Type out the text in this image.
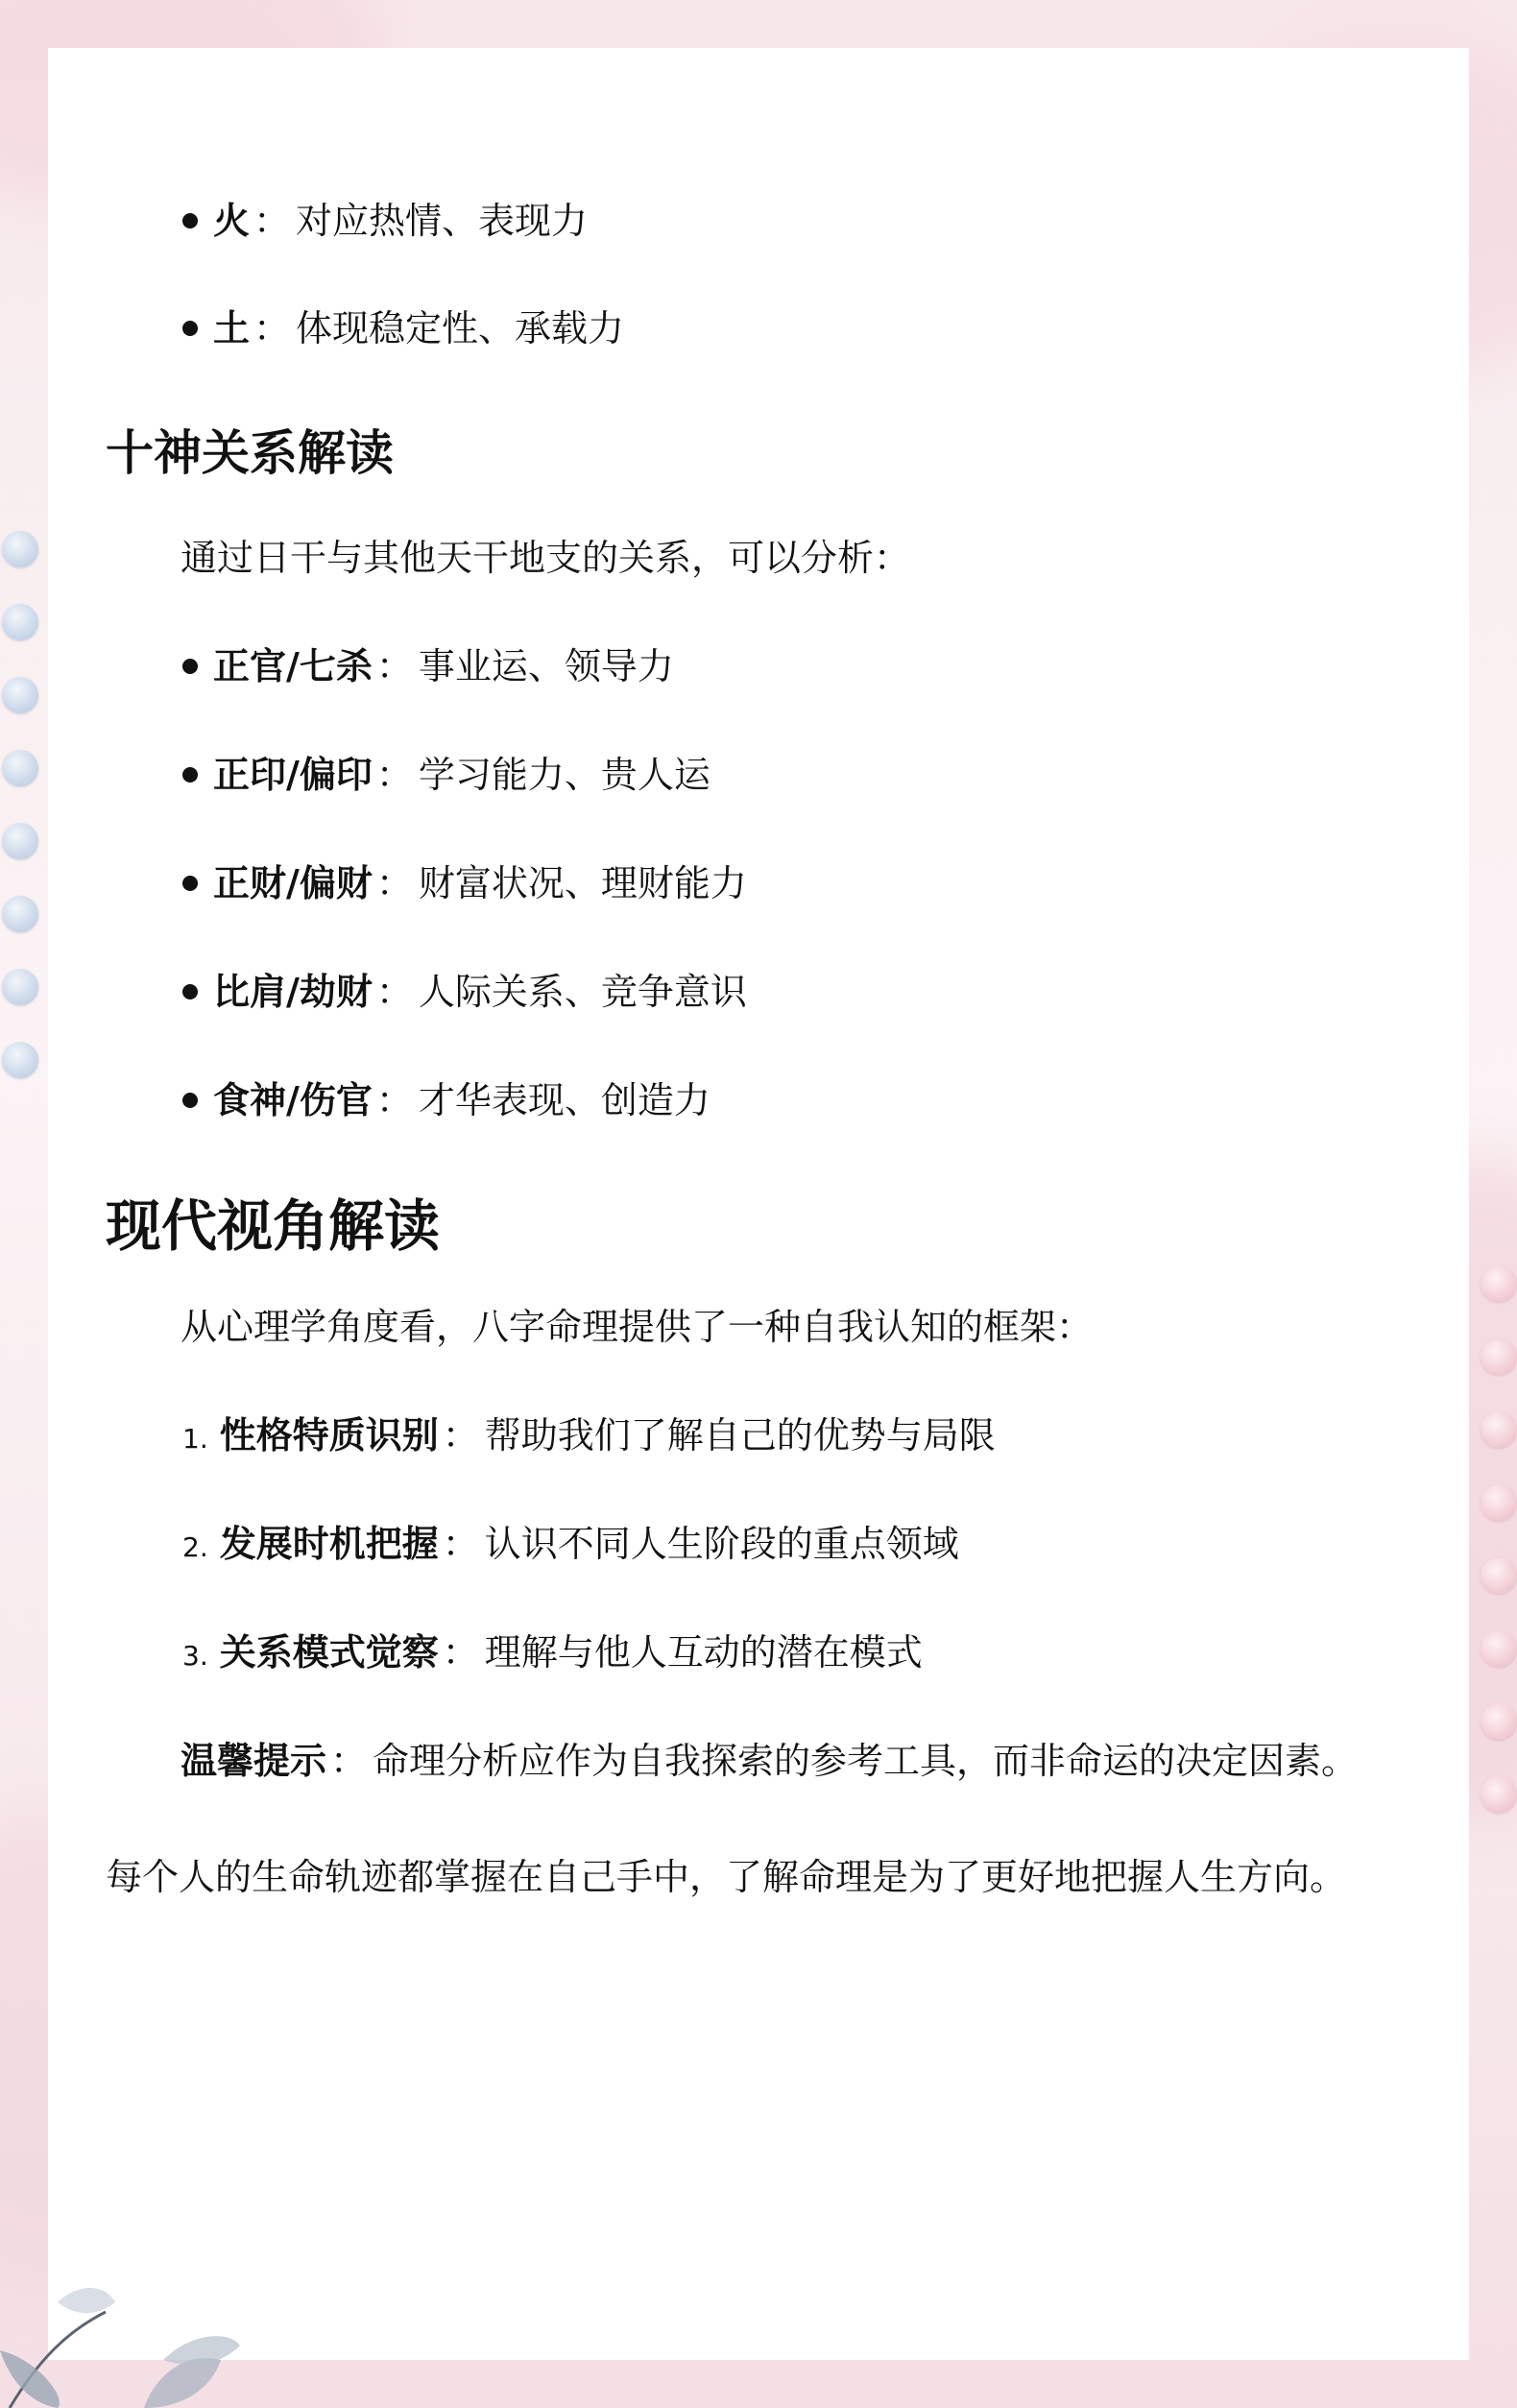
火 ： 对应热情、表现力
土 ： 体现稳定性、承载力
十神关系解读
通过日干与其他天干地支的关系，可以分析：
正官/七杀 ： 事业运、领导力
正印/偏印 ： 学习能力、贵人运
正财/偏财 ： 财富状况、理财能力
比肩/劫财 ： 人际关系、竞争意识
食神/伤官 ： 才华表现、创造力
现代视角解读
从心理学角度看，八字命理提供了一种自我认知的框架：
1. 性格特质识别 ： 帮助我们了解自己的优势与局限
2. 发展时机把握 ： 认识不同人生阶段的重点领域
3. 关系模式觉察 ： 理解与他人互动的潜在模式
温馨提示 ： 命理分析应作为自我探索的参考工具，而非命运的决定因素。
每个人的生命轨迹都掌握在自己手中，了解命理是为了更好地把握人生方向。
